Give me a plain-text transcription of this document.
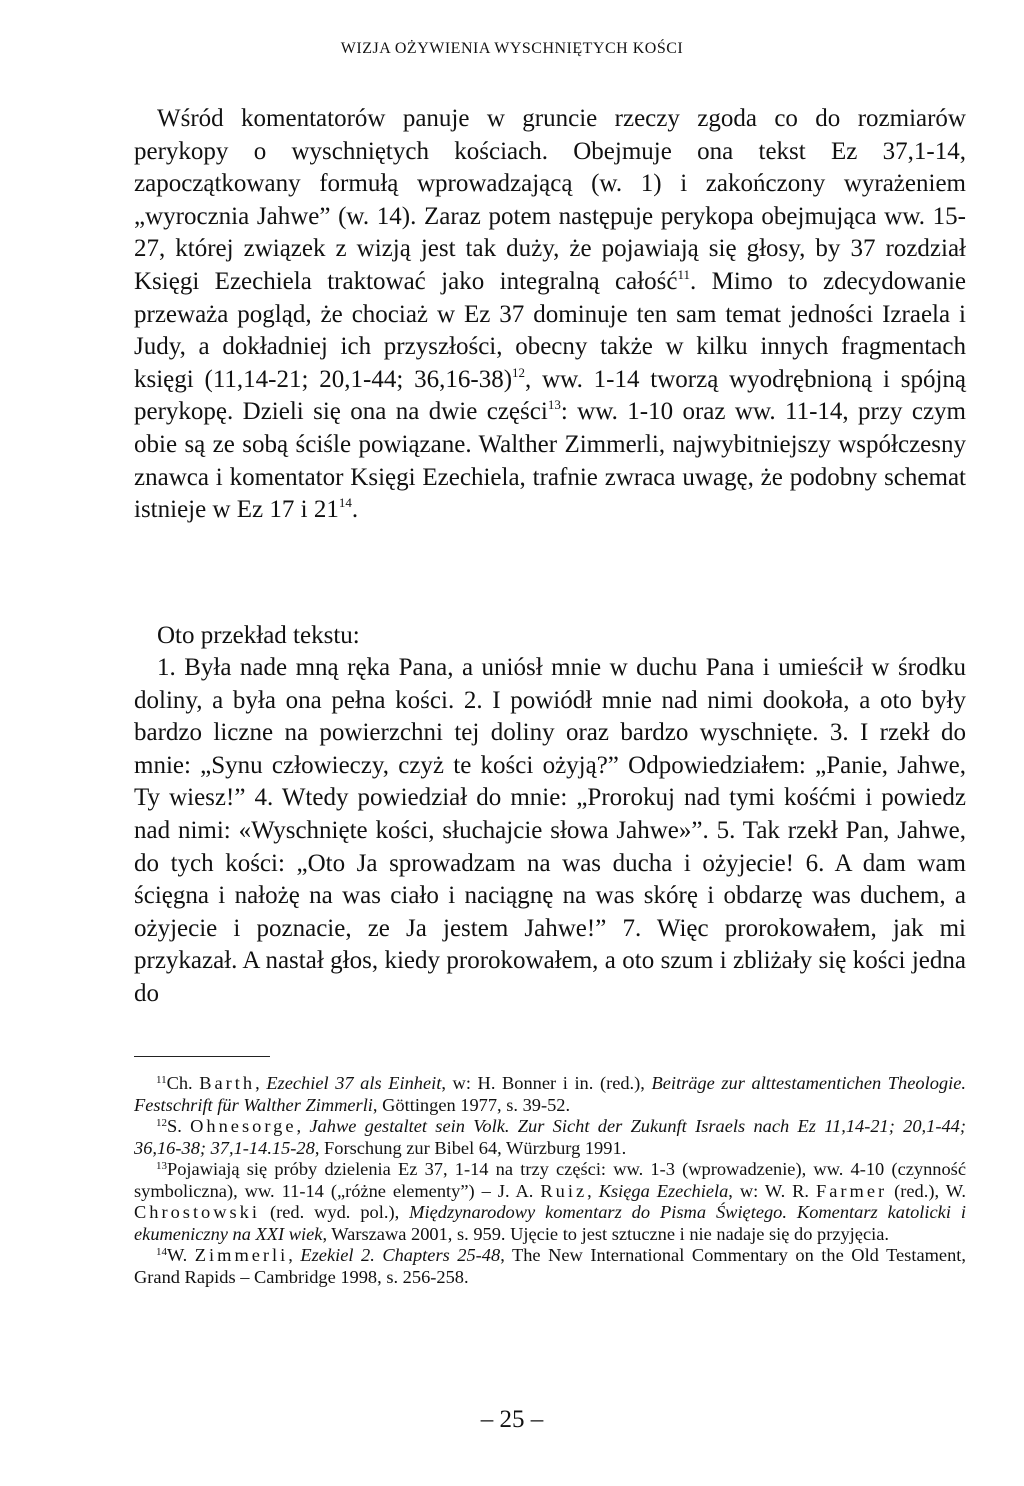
WIZJA OŻYWIENIA WYSCHNIĘTYCH KOŚCI

Wśród komentatorów panuje w gruncie rzeczy zgoda co do rozmiarów perykopy o wyschniętych kościach. Obejmuje ona tekst Ez 37,1-14, zapoczątkowany formułą wprowadzającą (w. 1) i zakończony wyrażeniem „wyrocznia Jahwe” (w. 14). Zaraz potem następuje perykopa obejmująca ww. 15-27, której związek z wizją jest tak duży, że pojawiają się głosy, by 37 rozdział Księgi Ezechiela traktować jako integralną całość$^{11}$. Mimo to zdecydowanie przeważa pogląd, że chociaż w Ez 37 dominuje ten sam temat jedności Izraela i Judy, a dokładniej ich przyszłości, obecny także w kilku innych fragmentach księgi (11,14-21; 20,1-44; 36,16-38)$^{12}$, ww. 1-14 tworzą wyodrębnioną i spójną perykopę. Dzieli się ona na dwie części$^{13}$: ww. 1-10 oraz ww. 11-14, przy czym obie są ze sobą ściśle powiązane. Walther Zimmerli, najwybitniejszy współczesny znawca i komentator Księgi Ezechiela, trafnie zwraca uwagę, że podobny schemat istnieje w Ez 17 i $21^{14}$.

Oto przekład tekstu:

1. Była nade mną ręka Pana, a uniósł mnie w duchu Pana i umieścił w środku doliny, a była ona pełna kości. 2. I powiódł mnie nad nimi dookoła, a oto były bardzo liczne na powierzchni tej doliny oraz bardzo wyschnięte. 3. I rzekł do mnie: „Synu człowieczy, czyż te kości ożyją?” Odpowiedziałem: „Panie, Jahwe, Ty wiesz!” 4. Wtedy powiedział do mnie: „Prorokuj nad tymi kośćmi i powiedz nad nimi: «Wyschnięte kości, słuchajcie słowa Jahwe»”. 5. Tak rzekł Pan, Jahwe, do tych kości: „Oto Ja sprowadzam na was ducha i ożyjecie! 6. A dam wam ścięgna i nałożę na was ciało i naciągnę na was skórę i obdarzę was duchem, a ożyjecie i poznacie, ze Ja jestem Jahwe!” 7. Więc prorokowałem, jak mi przykazał. A nastał głos, kiedy prorokowałem, a oto szum i zbliżały się kości jedna do

$^{11}$Ch. Barth, Ezechiel 37 als Einheit, w: H. Bonner i in. (red.), Beiträge zur alttestamentichen Theologie. Festschrift für Walther Zimmerli, Göttingen 1977, s. 39-52.

$^{12}$S. Ohnesorge, Jahwe gestaltet sein Volk. Zur Sicht der Zukunft Israels nach Ez 11,14-21; 20,1-44; 36,16-38; 37,1-14.15-28, Forschung zur Bibel 64, Würzburg 1991.

$^{13}$Pojawiają się próby dzielenia Ez 37, 1-14 na trzy części: ww. 1-3 (wprowadzenie), ww. 4-10 (czynność symboliczna), ww. 11-14 („różne elementy”) – J. A. Ruiz, Księga Ezechiela, w: W. R. Farmer (red.), W. Chrostowski (red. wyd. pol.), Międzynarodowy komentarz do Pisma Świętego. Komentarz katolicki i ekumeniczny na XXI wiek, Warszawa 2001, s. 959. Ujęcie to jest sztuczne i nie nadaje się do przyjęcia.

$^{14}$W. Zimmerli, Ezekiel 2. Chapters 25-48, The New International Commentary on the Old Testament, Grand Rapids – Cambridge 1998, s. 256-258.

– 25 –
